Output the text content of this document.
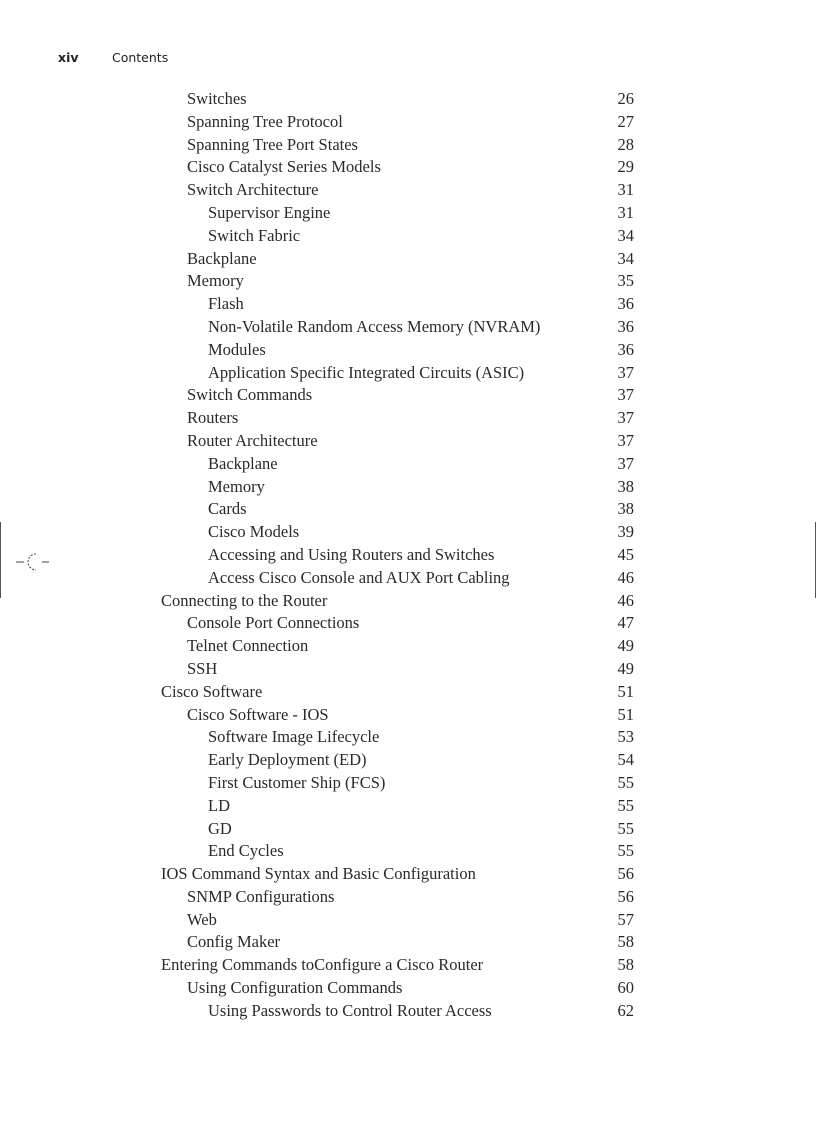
xiv	Contents
Switches	26
Spanning Tree Protocol	27
Spanning Tree Port States	28
Cisco Catalyst Series Models	29
Switch Architecture	31
Supervisor Engine	31
Switch Fabric	34
Backplane	34
Memory	35
Flash	36
Non-Volatile Random Access Memory (NVRAM)	36
Modules	36
Application Specific Integrated Circuits (ASIC)	37
Switch Commands	37
Routers	37
Router Architecture	37
Backplane	37
Memory	38
Cards	38
Cisco Models	39
Accessing and Using Routers and Switches	45
Access Cisco Console and AUX Port Cabling	46
Connecting to the Router	46
Console Port Connections	47
Telnet Connection	49
SSH	49
Cisco Software	51
Cisco Software - IOS	51
Software Image Lifecycle	53
Early Deployment (ED)	54
First Customer Ship (FCS)	55
LD	55
GD	55
End Cycles	55
IOS Command Syntax and Basic Configuration	56
SNMP Configurations	56
Web	57
Config Maker	58
Entering Commands toConfigure a Cisco Router	58
Using Configuration Commands	60
Using Passwords to Control Router Access	62
